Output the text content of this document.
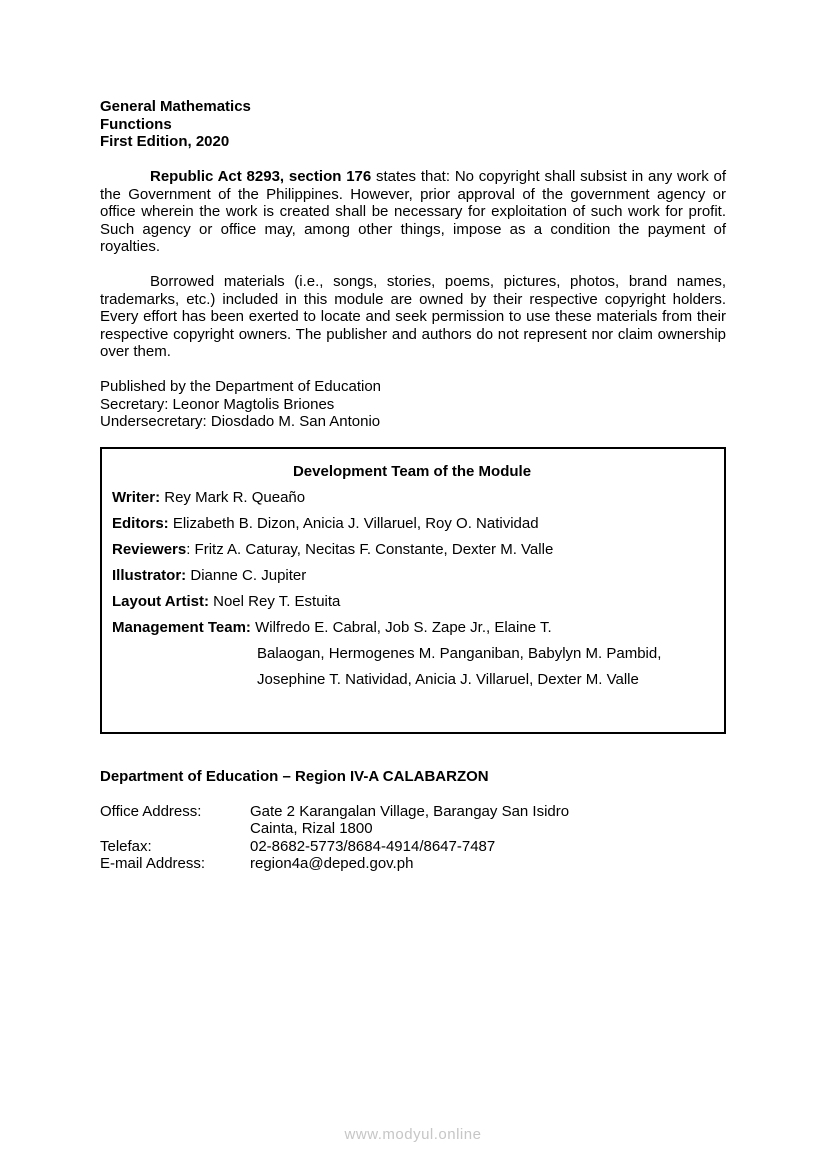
General Mathematics

Functions

First Edition, 2020

Republic Act 8293, section 176 states that: No copyright shall subsist in any work of the Government of the Philippines. However, prior approval of the government agency or office wherein the work is created shall be necessary for exploitation of such work for profit. Such agency or office may, among other things, impose as a condition the payment of royalties.

Borrowed materials (i.e., songs, stories, poems, pictures, photos, brand names, trademarks, etc.) included in this module are owned by their respective copyright holders. Every effort has been exerted to locate and seek permission to use these materials from their respective copyright owners. The publisher and authors do not represent nor claim ownership over them.

Published by the Department of Education

Secretary: Leonor Magtolis Briones

Undersecretary: Diosdado M. San Antonio

Development Team of the Module

Writer: Rey Mark R. Queaño

Editors: Elizabeth B. Dizon, Anicia J. Villaruel, Roy O. Natividad

Reviewers: Fritz A. Caturay, Necitas F. Constante, Dexter M. Valle

Illustrator: Dianne C. Jupiter

Layout Artist: Noel Rey T. Estuita

Management Team: Wilfredo E. Cabral, Job S. Zape Jr., Elaine T.

Balaogan, Hermogenes M. Panganiban, Babylyn M. Pambid,

Josephine T. Natividad, Anicia J. Villaruel, Dexter M. Valle

Department of Education – Region IV-A CALABARZON

Office Address:	Gate 2 Karangalan Village, Barangay San Isidro
Cainta, Rizal 1800
Telefax:	02-8682-5773/8684-4914/8647-7487
E-mail Address:	region4a@deped.gov.ph
www.modyul.online
